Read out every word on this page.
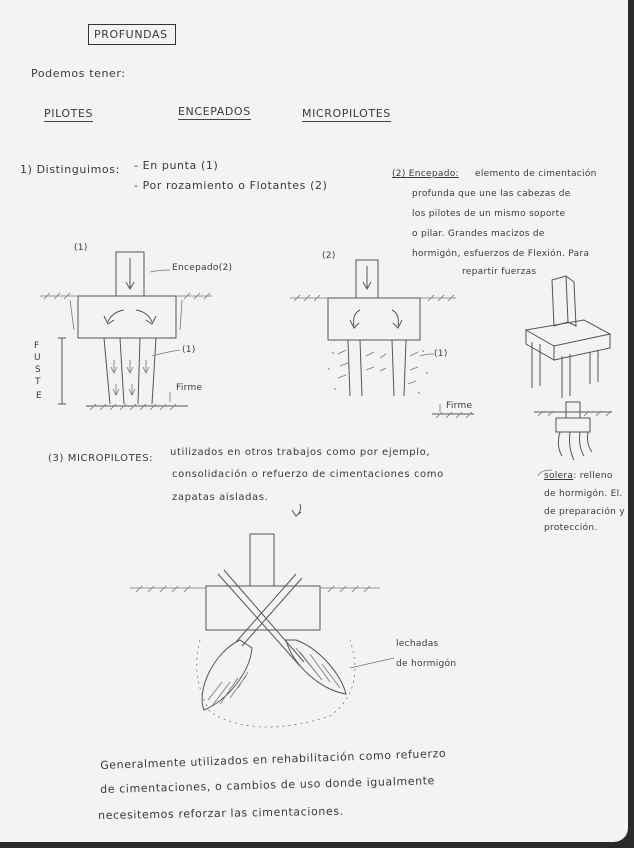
PROFUNDAS
Podemos tener:
PILOTES	ENCEPADOS	MICROPILOTES
1) Distinguimos: - En punta (1)
- Por rozamiento o Flotantes (2)
(2) Encepado: elemento de cimentación
profunda que une las cabezas de
los pilotes de un mismo soporte
o pilar. Grandes macizos de
hormigón, esfuerzos de Flexión. Para
repartir fuerzas
(1)
Encepado(2)
(1)
Firme
F
U
S
T
E
(2)
(1)
Firme
solera: relleno
de hormigón. El.
de preparación y
protección.
(3) MICROPILOTES:
utilizados en otros trabajos como por ejemplo,
consolidación o refuerzo de cimentaciones como
zapatas aisladas.
lechadas
de hormigón
Generalmente utilizados en rehabilitación como refuerzo
de cimentaciones, o cambios de uso donde igualmente
necesitemos reforzar las cimentaciones.
